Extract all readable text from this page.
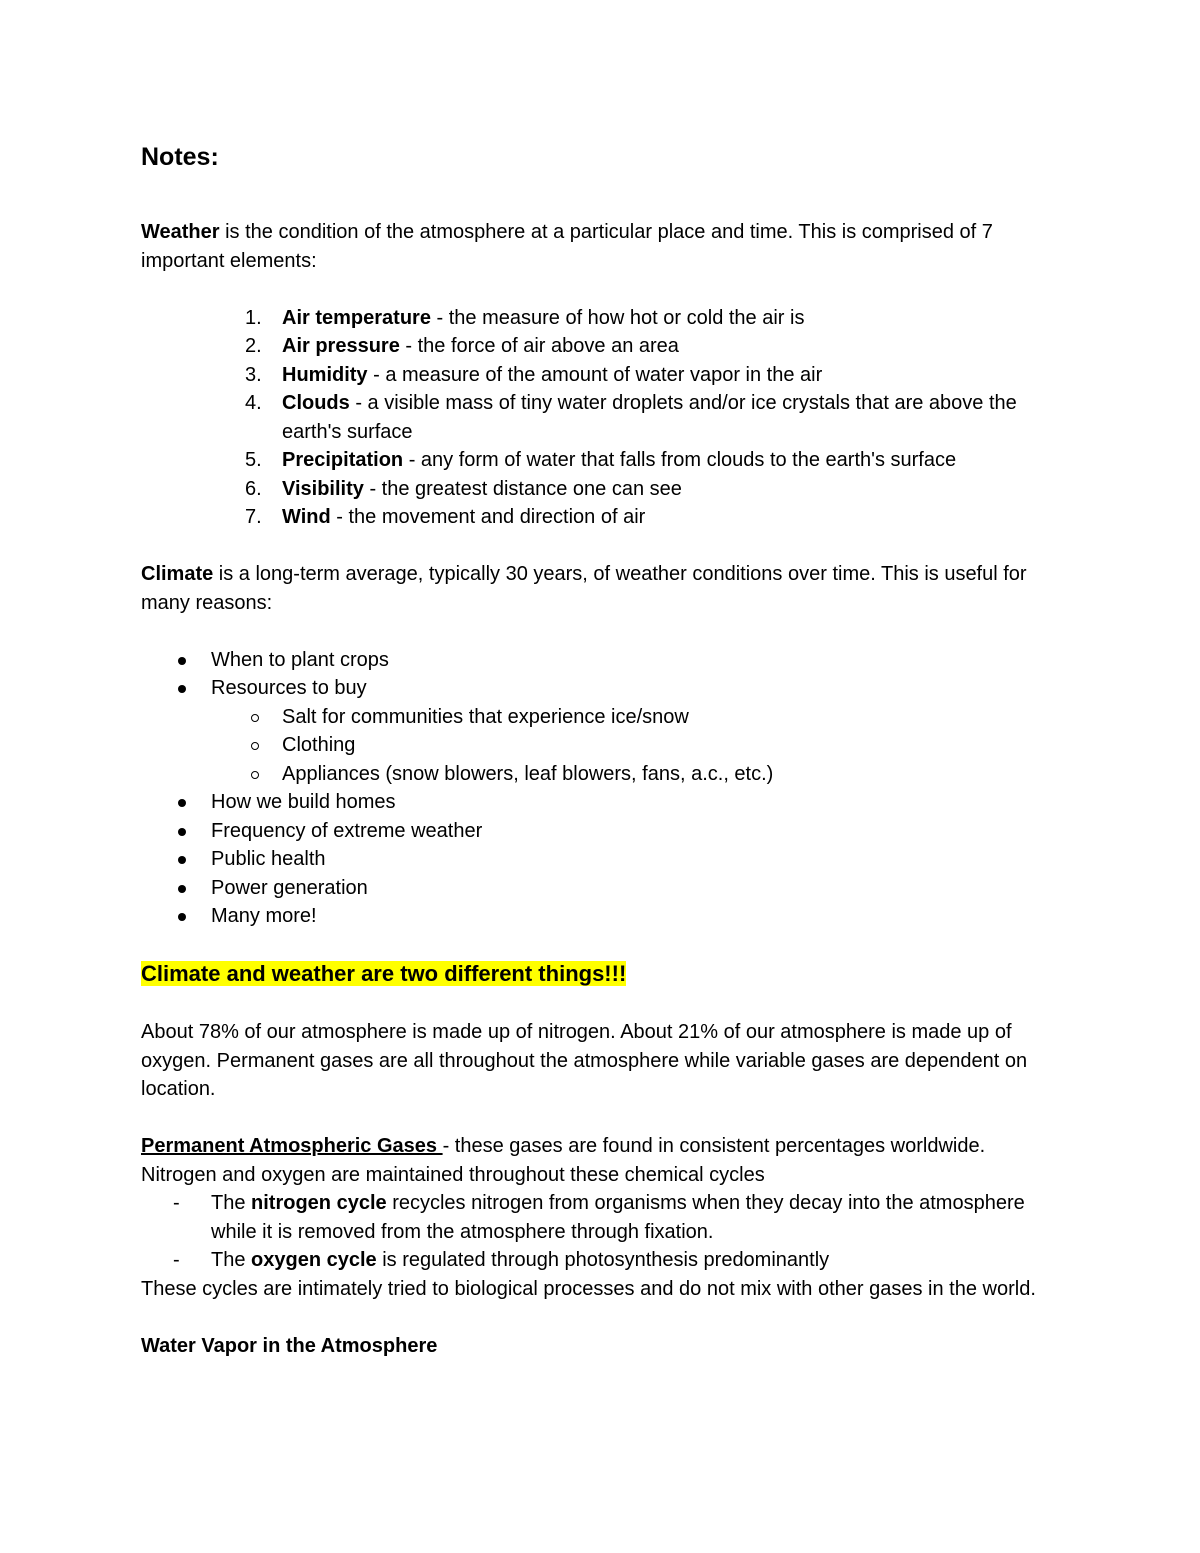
Notes:

Weather is the condition of the atmosphere at a particular place and time. This is comprised of 7 important elements:

1.	Air temperature - the measure of how hot or cold the air is
2.	Air pressure - the force of air above an area
3.	Humidity - a measure of the amount of water vapor in the air
4.	Clouds - a visible mass of tiny water droplets and/or ice crystals that are above the earth's surface
5.	Precipitation - any form of water that falls from clouds to the earth's surface
6.	Visibility - the greatest distance one can see
7.	Wind - the movement and direction of air

Climate is a long-term average, typically 30 years, of weather conditions over time. This is useful for many reasons:

When to plant crops
Resources to buy
Salt for communities that experience ice/snow
Clothing
Appliances (snow blowers, leaf blowers, fans, a.c., etc.)
How we build homes
Frequency of extreme weather
Public health
Power generation
Many more!

Climate and weather are two different things!!!

About 78% of our atmosphere is made up of nitrogen. About 21% of our atmosphere is made up of oxygen. Permanent gases are all throughout the atmosphere while variable gases are dependent on location.

Permanent Atmospheric Gases - these gases are found in consistent percentages worldwide. Nitrogen and oxygen are maintained throughout these chemical cycles

- The nitrogen cycle recycles nitrogen from organisms when they decay into the atmosphere while it is removed from the atmosphere through fixation.
- The oxygen cycle is regulated through photosynthesis predominantly

These cycles are intimately tried to biological processes and do not mix with other gases in the world.

Water Vapor in the Atmosphere
